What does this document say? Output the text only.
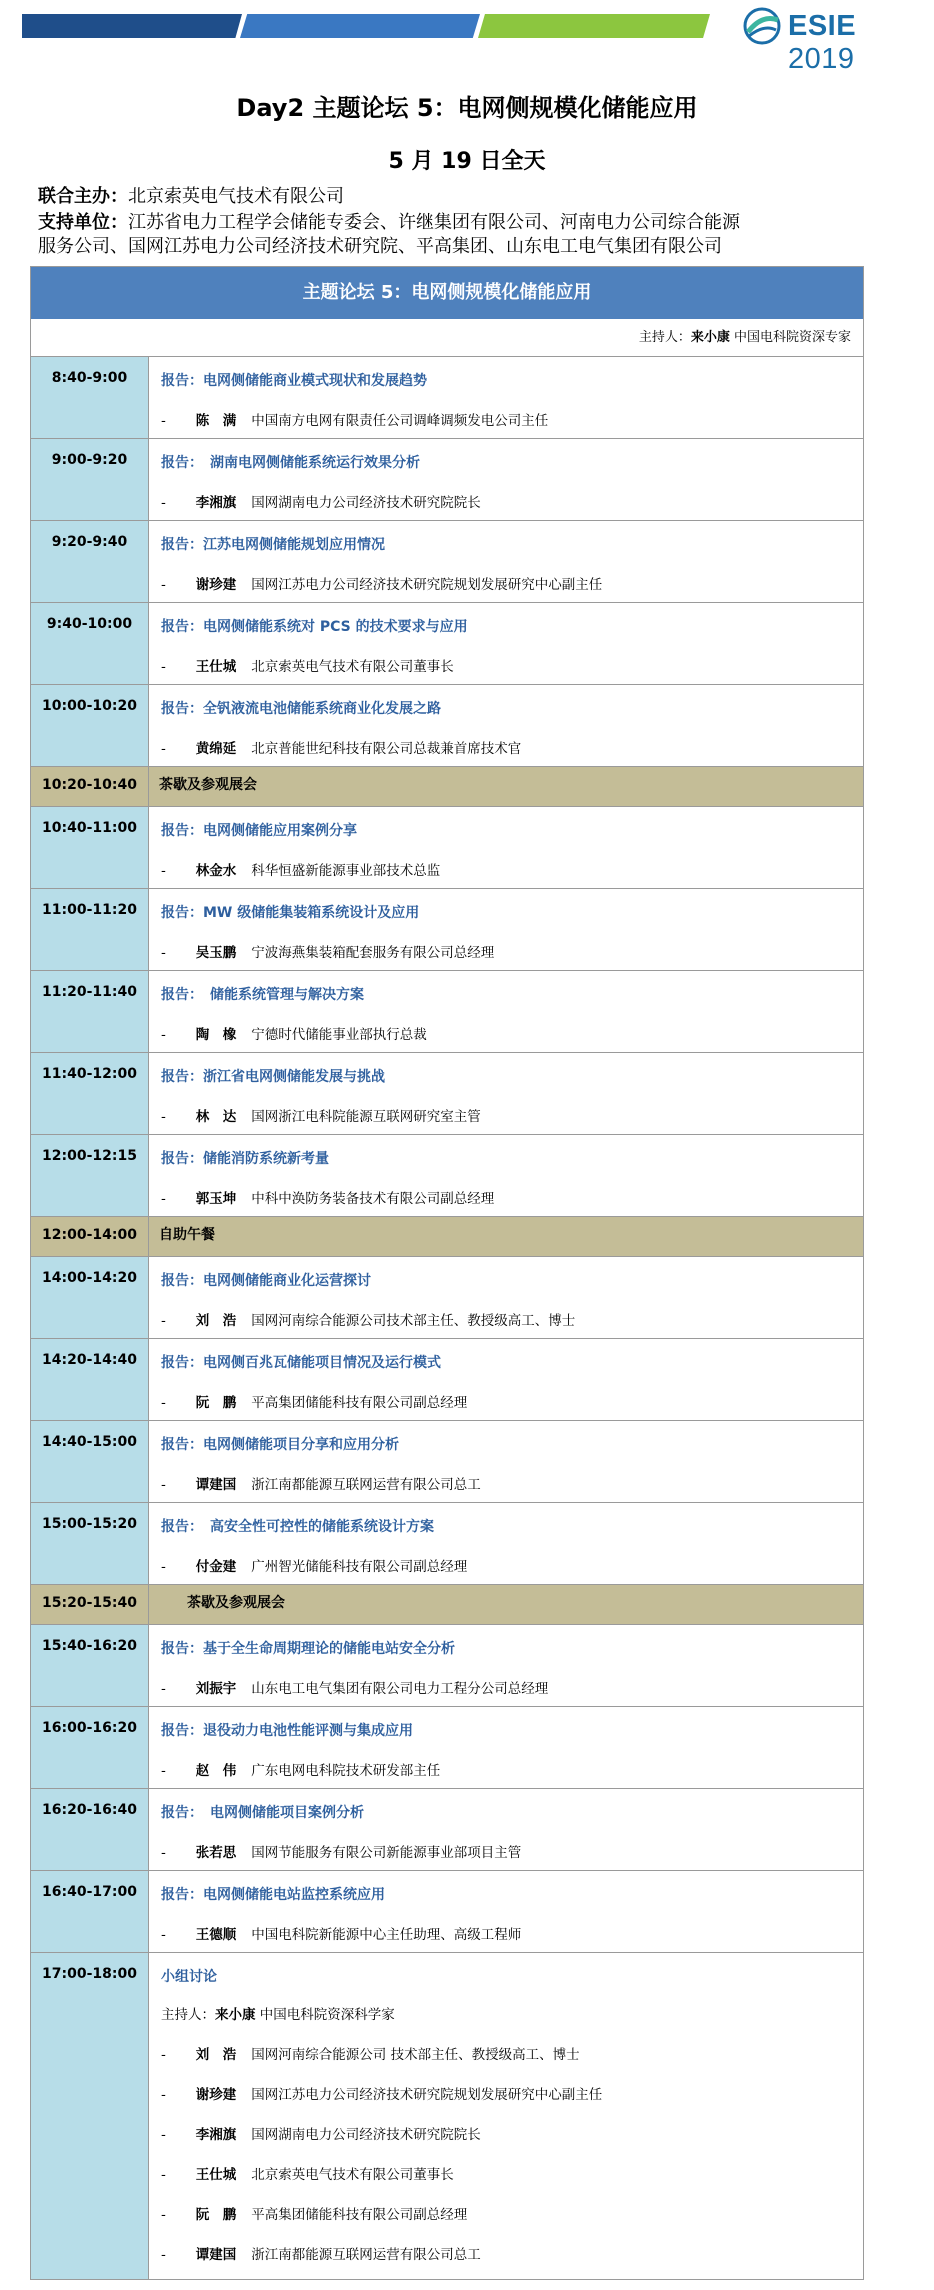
ESIE 2019
Day2 主题论坛 5：电网侧规模化储能应用
5 月 19 日全天
联合主办：北京索英电气技术有限公司
支持单位：江苏省电力工程学会储能专委会、许继集团有限公司、河南电力公司综合能源
服务公司、国网江苏电力公司经济技术研究院、平高集团、山东电工电气集团有限公司
主题论坛 5：电网侧规模化储能应用
主持人：来小康 中国电科院资深专家
8:40-9:00	报告：电网侧储能商业模式现状和发展趋势
- 陈　满 中国南方电网有限责任公司调峰调频发电公司主任
9:00-9:20	报告：　湖南电网侧储能系统运行效果分析
- 李湘旗 国网湖南电力公司经济技术研究院院长
9:20-9:40	报告：江苏电网侧储能规划应用情况
- 谢珍建 国网江苏电力公司经济技术研究院规划发展研究中心副主任
9:40-10:00	报告：电网侧储能系统对 PCS 的技术要求与应用
- 王仕城 北京索英电气技术有限公司董事长
10:00-10:20	报告：全钒液流电池储能系统商业化发展之路
- 黄绵延 北京普能世纪科技有限公司总裁兼首席技术官
10:20-10:40	茶歇及参观展会
10:40-11:00	报告：电网侧储能应用案例分享
- 林金水 科华恒盛新能源事业部技术总监
11:00-11:20	报告：MW 级储能集装箱系统设计及应用
- 吴玉鹏 宁波海燕集装箱配套服务有限公司总经理
11:20-11:40	报告：　储能系统管理与解决方案
- 陶　橡 宁德时代储能事业部执行总裁
11:40-12:00	报告：浙江省电网侧储能发展与挑战
- 林　达 国网浙江电科院能源互联网研究室主管
12:00-12:15	报告：储能消防系统新考量
- 郭玉坤 中科中涣防务装备技术有限公司副总经理
12:00-14:00	自助午餐
14:00-14:20	报告：电网侧储能商业化运营探讨
- 刘　浩 国网河南综合能源公司技术部主任、教授级高工、博士
14:20-14:40	报告：电网侧百兆瓦储能项目情况及运行模式
- 阮　鹏 平高集团储能科技有限公司副总经理
14:40-15:00	报告：电网侧储能项目分享和应用分析
- 谭建国 浙江南都能源互联网运营有限公司总工
15:00-15:20	报告：　高安全性可控性的储能系统设计方案
- 付金建 广州智光储能科技有限公司副总经理
15:20-15:40	　　茶歇及参观展会
15:40-16:20	报告：基于全生命周期理论的储能电站安全分析
- 刘振宇 山东电工电气集团有限公司电力工程分公司总经理
16:00-16:20	报告：退役动力电池性能评测与集成应用
- 赵　伟 广东电网电科院技术研发部主任
16:20-16:40	报告：　电网侧储能项目案例分析
- 张若思 国网节能服务有限公司新能源事业部项目主管
16:40-17:00	报告：电网侧储能电站监控系统应用
- 王德顺 中国电科院新能源中心主任助理、高级工程师
17:00-18:00	小组讨论
主持人：来小康 中国电科院资深科学家
- 刘　浩 国网河南综合能源公司 技术部主任、教授级高工、博士
- 谢珍建 国网江苏电力公司经济技术研究院规划发展研究中心副主任
- 李湘旗 国网湖南电力公司经济技术研究院院长
- 王仕城 北京索英电气技术有限公司董事长
- 阮　鹏 平高集团储能科技有限公司副总经理
- 谭建国 浙江南都能源互联网运营有限公司总工
